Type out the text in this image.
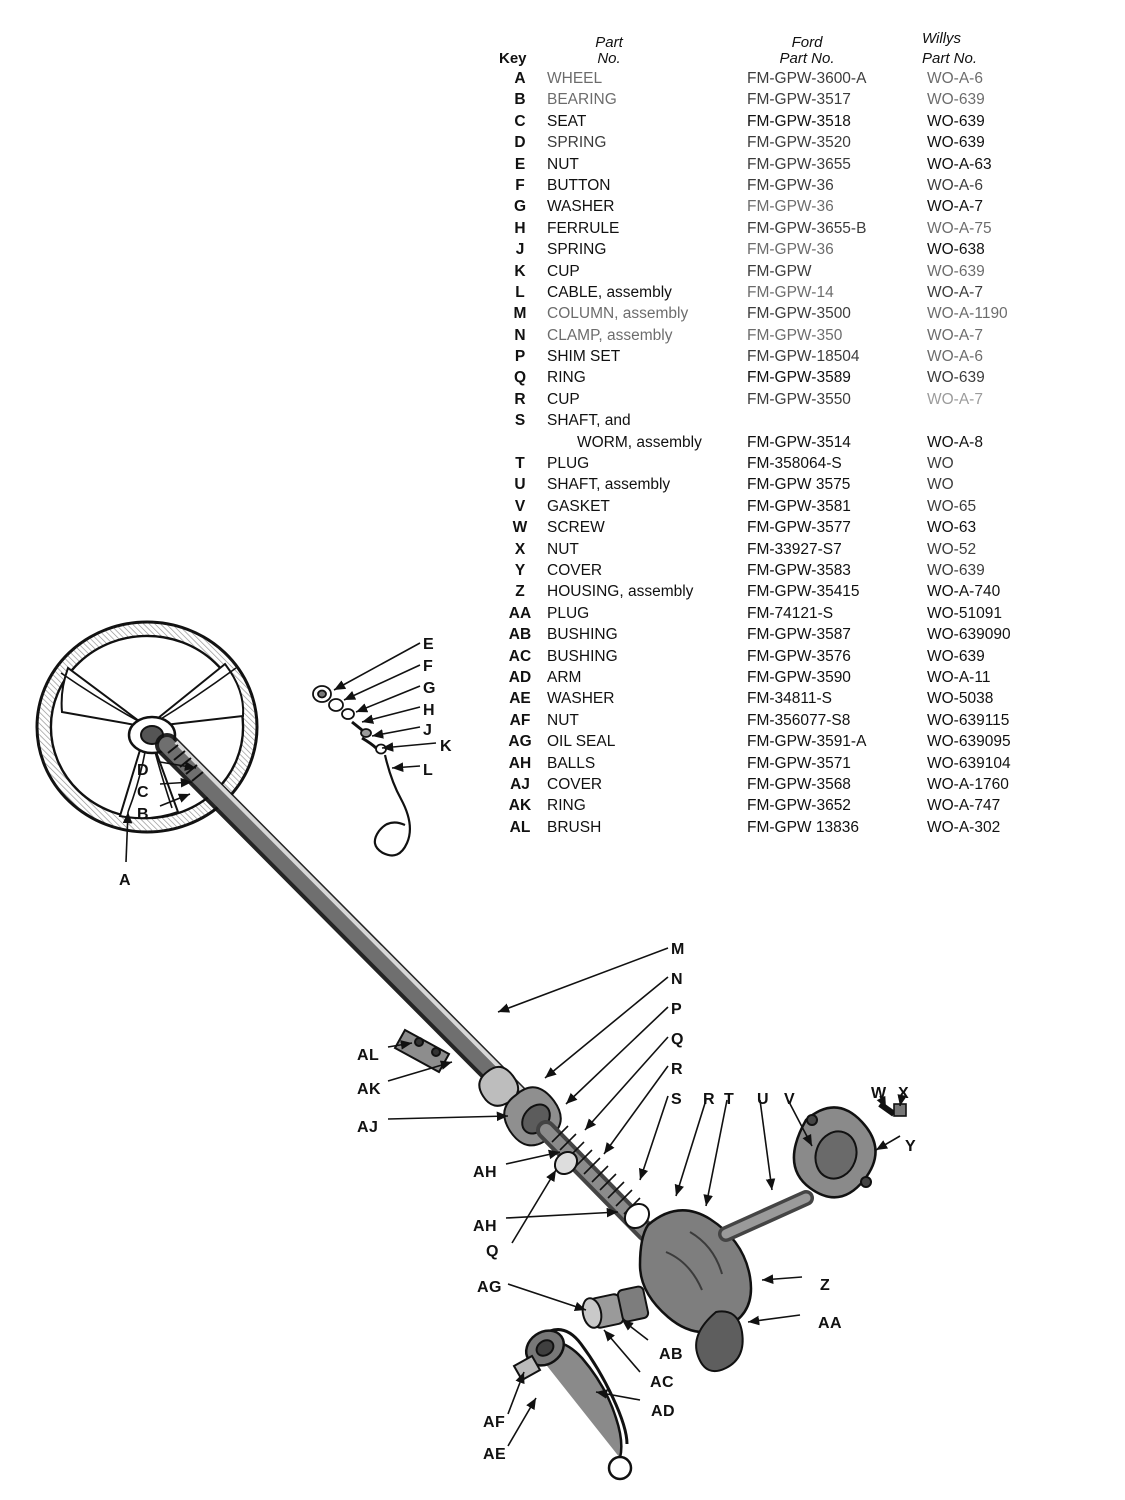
Key
Part
No.
Ford
Part No.
Willys
Part No.
A	WHEEL	FM-GPW-3600-A	WO-A-6
B	BEARING	FM-GPW-3517	WO-639
C	SEAT	FM-GPW-3518	WO-639
D	SPRING	FM-GPW-3520	WO-639
E	NUT	FM-GPW-3655	WO-A-63
F	BUTTON	FM-GPW-36	WO-A-6
G	WASHER	FM-GPW-36	WO-A-7
H	FERRULE	FM-GPW-3655-B	WO-A-75
J	SPRING	FM-GPW-36	WO-638
K	CUP	FM-GPW	WO-639
L	CABLE, assembly	FM-GPW-14	WO-A-7
M	COLUMN, assembly	FM-GPW-3500	WO-A-1190
N	CLAMP, assembly	FM-GPW-350	WO-A-7
P	SHIM SET	FM-GPW-18504	WO-A-6
Q	RING	FM-GPW-3589	WO-639
R	CUP	FM-GPW-3550	WO-A-7
S	SHAFT, and
WORM, assembly	FM-GPW-3514	WO-A-8
T	PLUG	FM-358064-S	WO
U	SHAFT, assembly	FM-GPW 3575	WO
V	GASKET	FM-GPW-3581	WO-65
W	SCREW	FM-GPW-3577	WO-63
X	NUT	FM-33927-S7	WO-52
Y	COVER	FM-GPW-3583	WO-639
Z	HOUSING, assembly	FM-GPW-35415	WO-A-740
AA	PLUG	FM-74121-S	WO-51091
AB	BUSHING	FM-GPW-3587	WO-639090
AC	BUSHING	FM-GPW-3576	WO-639
AD	ARM	FM-GPW-3590	WO-A-11
AE	WASHER	FM-34811-S	WO-5038
AF	NUT	FM-356077-S8	WO-639115
AG OIL SEAL	FM-GPW-3591-A	WO-639095
AH	BALLS	FM-GPW-3571	WO-639104
AJ	COVER	FM-GPW-3568	WO-A-1760
AK	RING	FM-GPW-3652	WO-A-747
AL	BRUSH	FM-GPW 13836	WO-A-302
A
D
C
B
E
F
G
H
J
K
L
M
N
P
Q
R
S R T U V	W X
Y
AL
AK
AJ
AH
AH
Q
AG	Z
AA
AB
AC
AD
AF
AE
